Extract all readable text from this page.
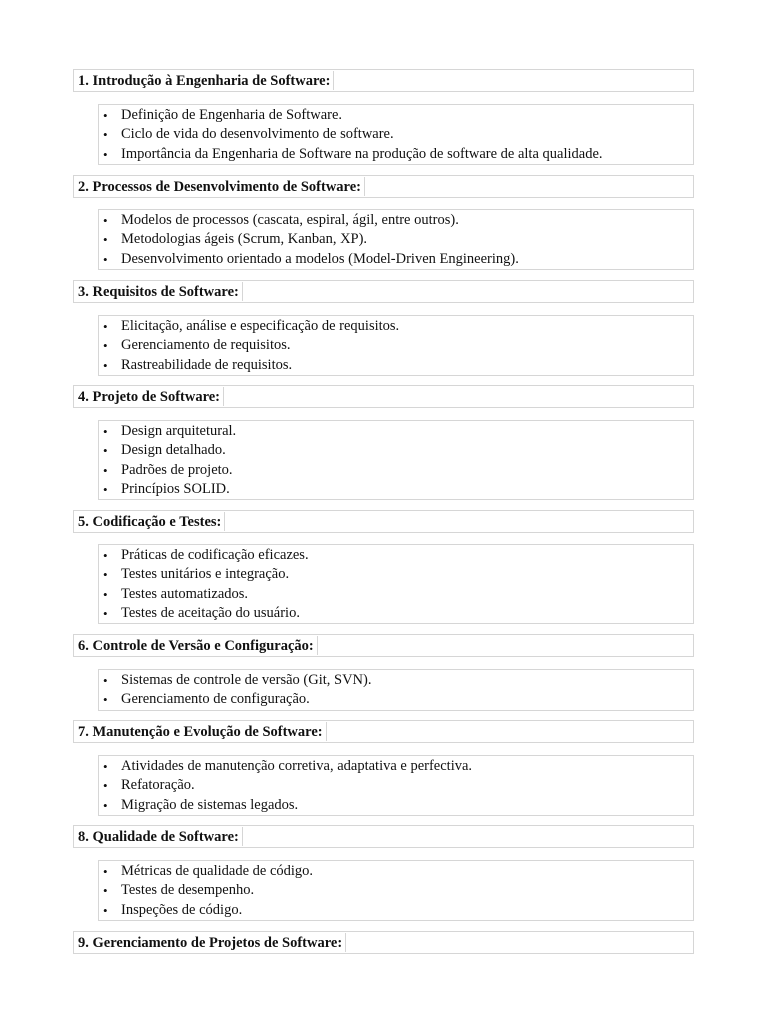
1. Introdução à Engenharia de Software:
• Definição de Engenharia de Software.
• Ciclo de vida do desenvolvimento de software.
• Importância da Engenharia de Software na produção de software de alta qualidade.
2. Processos de Desenvolvimento de Software:
• Modelos de processos (cascata, espiral, ágil, entre outros).
• Metodologias ágeis (Scrum, Kanban, XP).
• Desenvolvimento orientado a modelos (Model-Driven Engineering).
3. Requisitos de Software:
• Elicitação, análise e especificação de requisitos.
• Gerenciamento de requisitos.
• Rastreabilidade de requisitos.
4. Projeto de Software:
• Design arquitetural.
• Design detalhado.
• Padrões de projeto.
• Princípios SOLID.
5. Codificação e Testes:
• Práticas de codificação eficazes.
• Testes unitários e integração.
• Testes automatizados.
• Testes de aceitação do usuário.
6. Controle de Versão e Configuração:
• Sistemas de controle de versão (Git, SVN).
• Gerenciamento de configuração.
7. Manutenção e Evolução de Software:
• Atividades de manutenção corretiva, adaptativa e perfectiva.
• Refatoração.
• Migração de sistemas legados.
8. Qualidade de Software:
• Métricas de qualidade de código.
• Testes de desempenho.
• Inspeções de código.
9. Gerenciamento de Projetos de Software:
